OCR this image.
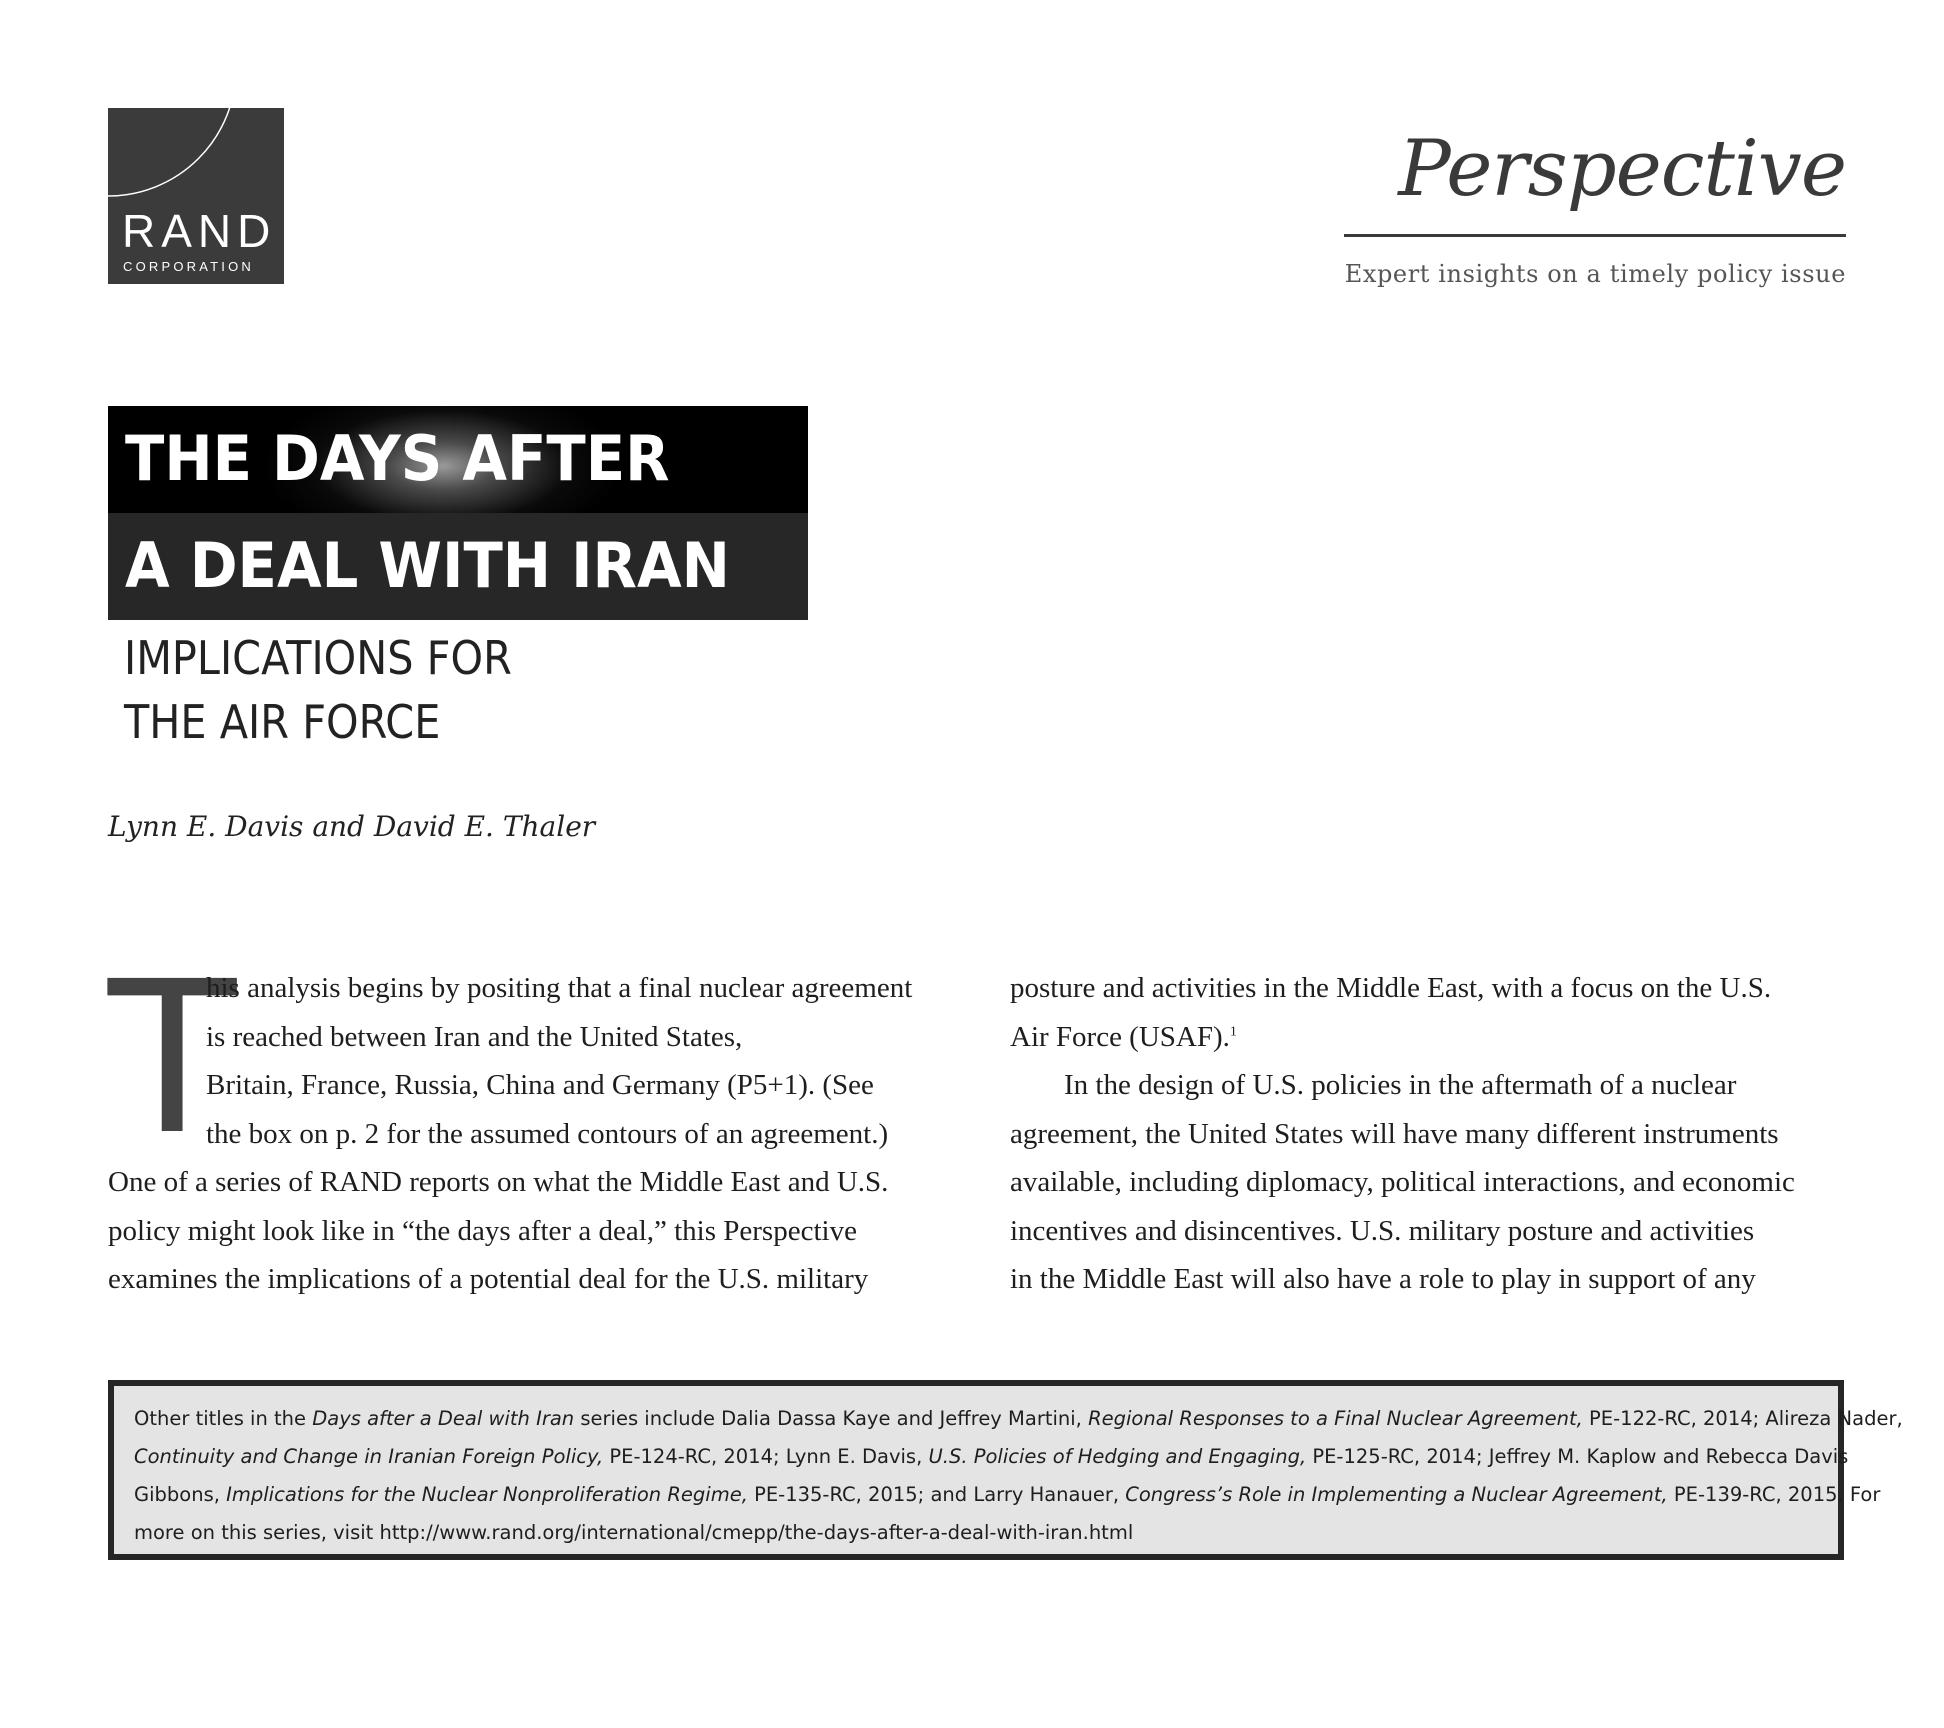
RAND
CORPORATION
Perspective
Expert insights on a timely policy issue
THE DAYS AFTER
A DEAL WITH IRAN
IMPLICATIONS FOR
THE AIR FORCE
Lynn E. Davis and David E. Thaler
T
his analysis begins by positing that a final nuclear agreement
is reached between Iran and the United States,
Britain, France, Russia, China and Germany (P5+1). (See
the box on p. 2 for the assumed contours of an agreement.)
One of a series of RAND reports on what the Middle East and U.S.
policy might look like in “the days after a deal,” this Perspective
examines the implications of a potential deal for the U.S. military
posture and activities in the Middle East, with a focus on the U.S.
Air Force (USAF).$^1$
In the design of U.S. policies in the aftermath of a nuclear
agreement, the United States will have many different instruments
available, including diplomacy, political interactions, and economic
incentives and disincentives. U.S. military posture and activities
in the Middle East will also have a role to play in support of any
Other titles in the Days after a Deal with Iran series include Dalia Dassa Kaye and Jeffrey Martini, Regional Responses to a Final Nuclear Agreement, PE-122-RC, 2014; Alireza Nader,
Continuity and Change in Iranian Foreign Policy, PE-124-RC, 2014; Lynn E. Davis, U.S. Policies of Hedging and Engaging, PE-125-RC, 2014; Jeffrey M. Kaplow and Rebecca Davis
Gibbons, Implications for the Nuclear Nonproliferation Regime, PE-135-RC, 2015; and Larry Hanauer, Congress’s Role in Implementing a Nuclear Agreement, PE-139-RC, 2015. For
more on this series, visit http://www.rand.org/international/cmepp/the-days-after-a-deal-with-iran.html
